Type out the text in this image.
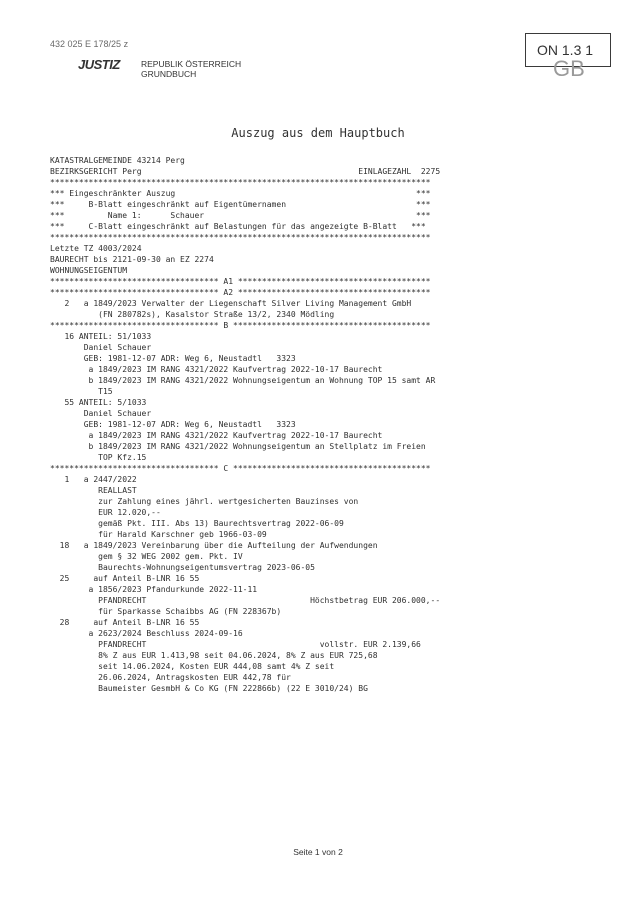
432 025 E 178/25 z
JUSTIZ REPUBLIK ÖSTERREICH
GRUNDBUCH
ON 1.3 1
GB
Auszug aus dem Hauptbuch
KATASTRALGEMEINDE 43214 Perg
BEZIRKSGERICHT Perg                                             EINLAGEZAHL  2275
*******************************************************************************
*** Eingeschränkter Auszug                                                  ***
***     B-Blatt eingeschränkt auf Eigentümernamen                           ***
***         Name 1:      Schauer                                            ***
***     C-Blatt eingeschränkt auf Belastungen für das angezeigte B-Blatt   ***
*******************************************************************************
Letzte TZ 4003/2024
BAURECHT bis 2121-09-30 an EZ 2274
WOHNUNGSEIGENTUM
*********************************** A1 ****************************************
*********************************** A2 ****************************************
2   a 1849/2023 Verwalter der Liegenschaft Silver Living Management GmbH
(FN 280782s), Kasalstor Straße 13/2, 2340 Mödling
*********************************** B *****************************************
16 ANTEIL: 51/1033
Daniel Schauer
GEB: 1981-12-07 ADR: Weg 6, Neustadtl   3323
a 1849/2023 IM RANG 4321/2022 Kaufvertrag 2022-10-17 Baurecht
b 1849/2023 IM RANG 4321/2022 Wohnungseigentum an Wohnung TOP 15 samt AR
T15
55 ANTEIL: 5/1033
Daniel Schauer
GEB: 1981-12-07 ADR: Weg 6, Neustadtl   3323
a 1849/2023 IM RANG 4321/2022 Kaufvertrag 2022-10-17 Baurecht
b 1849/2023 IM RANG 4321/2022 Wohnungseigentum an Stellplatz im Freien
TOP Kfz.15
*********************************** C *****************************************
1   a 2447/2022
REALLAST
zur Zahlung eines jährl. wertgesicherten Bauzinses von
EUR 12.020,--
gemäß Pkt. III. Abs 13) Baurechtsvertrag 2022-06-09
für Harald Karschner geb 1966-03-09
18   a 1849/2023 Vereinbarung über die Aufteilung der Aufwendungen
gem § 32 WEG 2002 gem. Pkt. IV
Baurechts-Wohnungseigentumsvertrag 2023-06-05
25     auf Anteil B-LNR 16 55
a 1856/2023 Pfandurkunde 2022-11-11
PFANDRECHT                                  Höchstbetrag EUR 206.000,--
für Sparkasse Schaibbs AG (FN 228367b)
28     auf Anteil B-LNR 16 55
a 2623/2024 Beschluss 2024-09-16
PFANDRECHT                                    vollstr. EUR 2.139,66
8% Z aus EUR 1.413,98 seit 04.06.2024, 8% Z aus EUR 725,68
seit 14.06.2024, Kosten EUR 444,08 samt 4% Z seit
26.06.2024, Antragskosten EUR 442,78 für
Baumeister GesmbH & Co KG (FN 222866b) (22 E 3010/24) BG
Seite 1 von 2
